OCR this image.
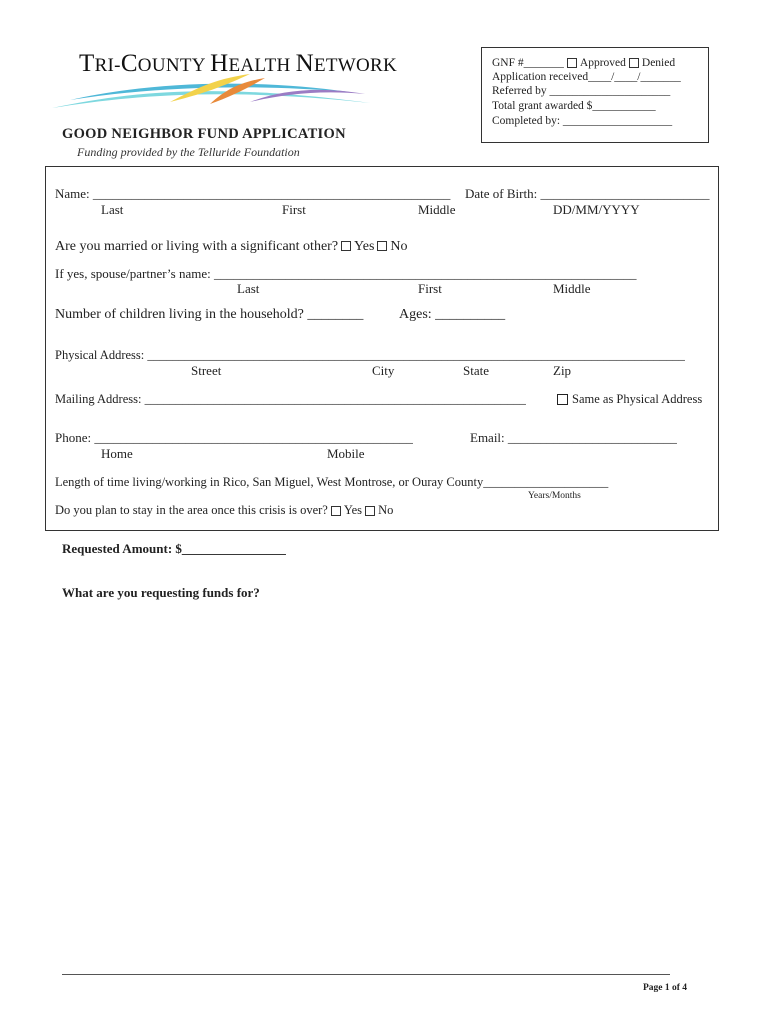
TRI-COUNTY HEALTH NETWORK	GNF #_______ Approved Denied
Application received____/____/_______
Referred by _____________________
Total grant awarded $___________
Completed by: ___________________
GOOD NEIGHBOR FUND APPLICATION
Funding provided by the Telluride Foundation
Name: _______________________________________________________ Date of Birth: __________________________
Last	First	Middle	DD/MM/YYYY
Are you married or living with a significant other? Yes No
If yes, spouse/partner’s name: _________________________________________________________________
Last	First	Middle
Number of children living in the household? ________	Ages: __________
Physical Address: ______________________________________________________________________________________
Street	City	State	Zip
Mailing Address: _____________________________________________________________	Same as Physical Address
Phone: _________________________________________________	Email: __________________________
Home	Mobile
Length of time living/working in Rico, San Miguel, West Montrose, or Ouray County____________________
Years/Months
Do you plan to stay in the area once this crisis is over? Yes No
Requested Amount: $________________
What are you requesting funds for?
Page 1 of 4
